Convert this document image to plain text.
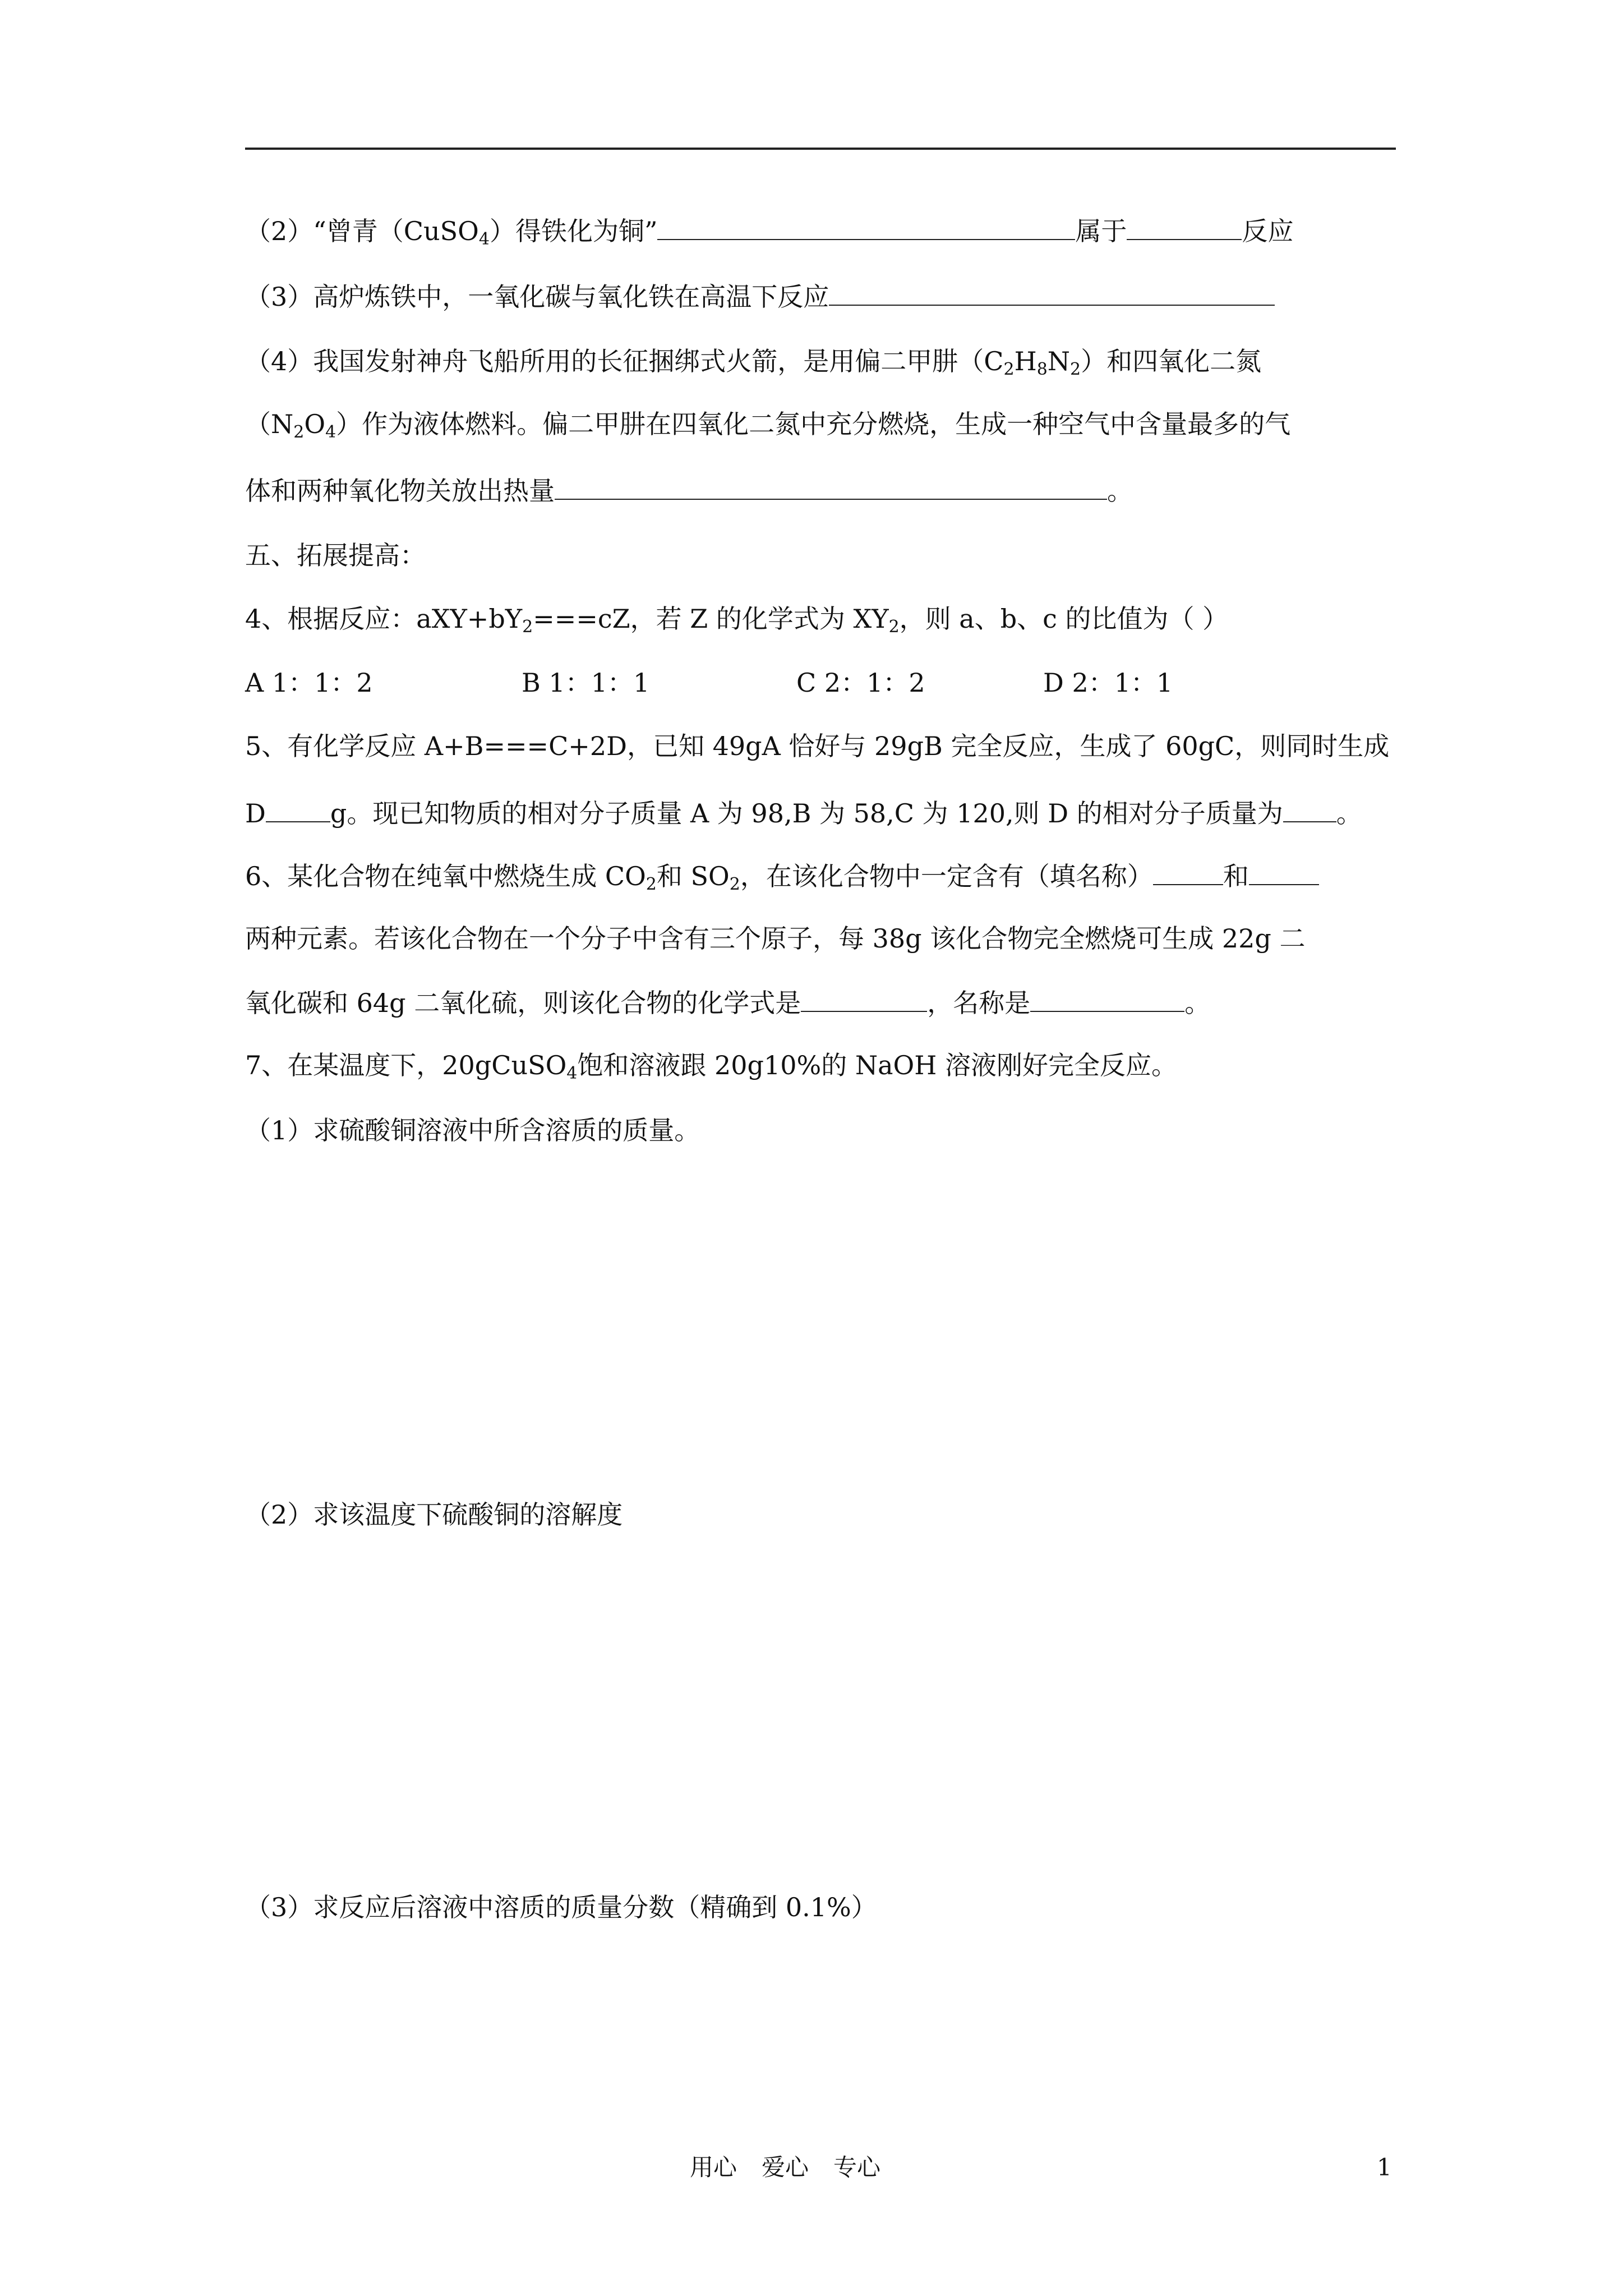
（2）“曾青（CuSO$_4$）得铁化为铜”	属于	反应
（3）高炉炼铁中，一氧化碳与氧化铁在高温下反应
（4）我国发射神舟飞船所用的长征捆绑式火箭，是用偏二甲肼$(C_2H_8N_2)$和四氧化二氮
$(N_2O_4)$作为液体燃料。偏二甲肼在四氧化二氮中充分燃烧，生成一种空气中含量最多的气
体和两种氧化物关放出热量	。
五、拓展提高：
4、根据反应：$aXY+bY_2===cZ$，若 Z 的化学式为 $XY_2$，则 a、b、c 的比值为（ ）
A 1：1：2	B 1：1：1	C 2：1：2	D 2：1：1
5、有化学反应 A+B===C+2D，已知 49gA 恰好与 29gB 完全反应，生成了 60gC，则同时生成
D	g。现已知物质的相对分子质量 A 为 98,B 为 58,C 为 120,则 D 的相对分子质量为 。
6、某化合物在纯氧中燃烧生成 $CO_2$和 $SO_2$，在该化合物中一定含有（填名称）	和
两种元素。若该化合物在一个分子中含有三个原子，每 38g 该化合物完全燃烧可生成 22g 二
氧化碳和 64g 二氧化硫，则该化合物的化学式是	，名称是	。
7、在某温度下，20gCuSO$_4$饱和溶液跟 20g10%的 NaOH 溶液刚好完全反应。
（1）求硫酸铜溶液中所含溶质的质量。
（2）求该温度下硫酸铜的溶解度
（3）求反应后溶液中溶质的质量分数（精确到 0.1%）
用心 爱心 专心	1
